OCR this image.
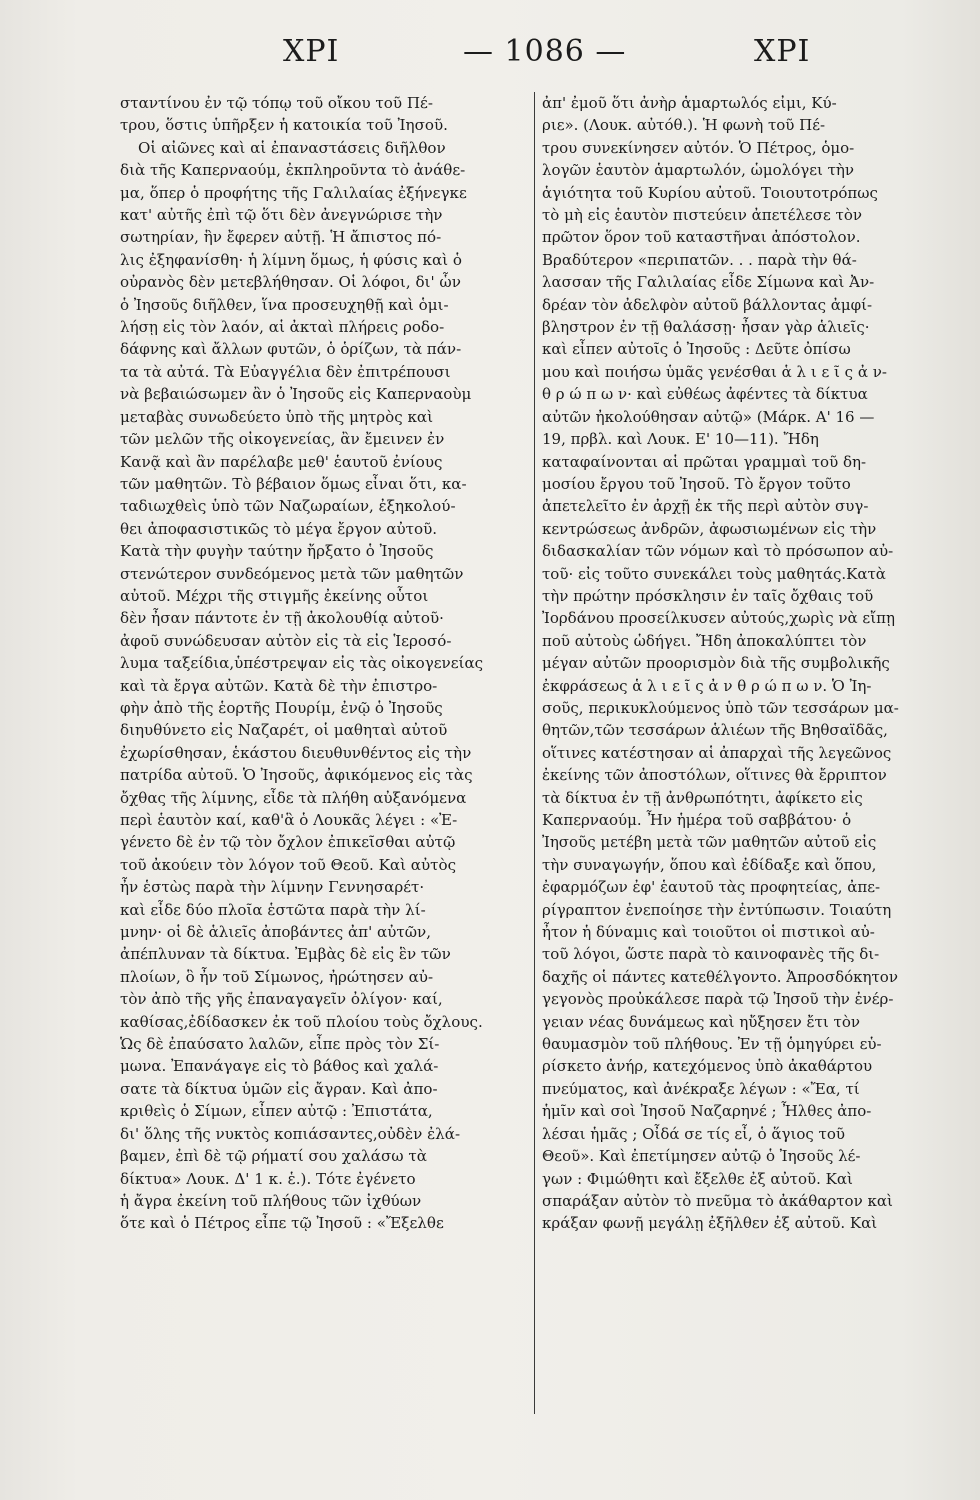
ΧΡΙ	— 1086 —	ΧΡΙ
σταντίνου ἐν τῷ τόπῳ τοῦ οἴκου τοῦ Πέ-
τρου, ὅστις ὑπῆρξεν ἡ κατοικία τοῦ Ἰησοῦ.
Οἱ αἰῶνες καὶ αἱ ἐπαναστάσεις διῆλθον
διὰ τῆς Καπερναούμ, ἐκπληροῦντα τὸ ἀνάθε-
μα, ὅπερ ὁ προφήτης τῆς Γαλιλαίας ἐξήνεγκε
κατ' αὐτῆς ἐπὶ τῷ ὅτι δὲν ἀνεγνώρισε τὴν
σωτηρίαν, ἣν ἔφερεν αὐτῇ. Ἡ ἄπιστος πό-
λις ἐξηφανίσθη· ἡ λίμνη ὅμως, ἡ φύσις καὶ ὁ
οὐρανὸς δὲν μετεβλήθησαν. Οἱ λόφοι, δι' ὧν
ὁ Ἰησοῦς διῆλθεν, ἵνα προσευχηθῇ καὶ ὁμι-
λήσῃ εἰς τὸν λαόν, αἱ ἀκταὶ πλήρεις ροδο-
δάφνης καὶ ἄλλων φυτῶν, ὁ ὁρίζων, τὰ πάν-
τα τὰ αὐτά. Τὰ Εὐαγγέλια δὲν ἐπιτρέπουσι
νὰ βεβαιώσωμεν ἂν ὁ Ἰησοῦς εἰς Καπερναοὺμ
μεταβὰς συνωδεύετο ὑπὸ τῆς μητρὸς καὶ
τῶν μελῶν τῆς οἰκογενείας, ἂν ἔμεινεν ἐν
Κανᾷ καὶ ἂν παρέλαβε μεθ' ἑαυτοῦ ἐνίους
τῶν μαθητῶν. Τὸ βέβαιον ὅμως εἶναι ὅτι, κα-
ταδιωχθεὶς ὑπὸ τῶν Ναζωραίων, ἐξηκολού-
θει ἀποφασιστικῶς τὸ μέγα ἔργον αὐτοῦ.
Κατὰ τὴν φυγὴν ταύτην ἤρξατο ὁ Ἰησοῦς
στενώτερον συνδεόμενος μετὰ τῶν μαθητῶν
αὐτοῦ. Μέχρι τῆς στιγμῆς ἐκείνης οὗτοι
δὲν ἦσαν πάντοτε ἐν τῇ ἀκολουθίᾳ αὐτοῦ·
ἀφοῦ συνώδευσαν αὐτὸν εἰς τὰ εἰς Ἱεροσό-
λυμα ταξείδια,ὑπέστρεψαν εἰς τὰς οἰκογενείας
καὶ τὰ ἔργα αὐτῶν. Κατὰ δὲ τὴν ἐπιστρο-
φὴν ἀπὸ τῆς ἑορτῆς Πουρίμ, ἐνῷ ὁ Ἰησοῦς
διηυθύνετο εἰς Ναζαρέτ, οἱ μαθηταὶ αὐτοῦ
ἐχωρίσθησαν, ἑκάστου διευθυνθέντος εἰς τὴν
πατρίδα αὐτοῦ. Ὁ Ἰησοῦς, ἀφικόμενος εἰς τὰς
ὄχθας τῆς λίμνης, εἶδε τὰ πλήθη αὐξανόμενα
περὶ ἑαυτὸν καί, καθ'ἃ ὁ Λουκᾶς λέγει : «Ἐ-
γένετο δὲ ἐν τῷ τὸν ὄχλον ἐπικεῖσθαι αὐτῷ
τοῦ ἀκούειν τὸν λόγον τοῦ Θεοῦ. Καὶ αὐτὸς
ἦν ἑστὼς παρὰ τὴν λίμνην Γεννησαρέτ·
καὶ εἶδε δύο πλοῖα ἑστῶτα παρὰ τὴν λί-
μνην· οἱ δὲ ἁλιεῖς ἀποβάντες ἀπ' αὐτῶν,
ἀπέπλυναν τὰ δίκτυα. Ἐμβὰς δὲ εἰς ἓν τῶν
πλοίων, ὃ ἦν τοῦ Σίμωνος, ἠρώτησεν αὐ-
τὸν ἀπὸ τῆς γῆς ἐπαναγαγεῖν ὀλίγον· καί,
καθίσας,ἐδίδασκεν ἐκ τοῦ πλοίου τοὺς ὄχλους.
Ὡς δὲ ἐπαύσατο λαλῶν, εἶπε πρὸς τὸν Σί-
μωνα. Ἐπανάγαγε εἰς τὸ βάθος καὶ χαλά-
σατε τὰ δίκτυα ὑμῶν εἰς ἄγραν. Καὶ ἀπο-
κριθεὶς ὁ Σίμων, εἶπεν αὐτῷ : Ἐπιστάτα,
δι' ὅλης τῆς νυκτὸς κοπιάσαντες,οὐδὲν ἐλά-
βαμεν, ἐπὶ δὲ τῷ ρήματί σου χαλάσω τὰ
δίκτυα» Λουκ. Δ' 1 κ. ἑ.). Τότε ἐγένετο
ἡ ἄγρα ἐκείνη τοῦ πλήθους τῶν ἰχθύων
ὅτε καὶ ὁ Πέτρος εἶπε τῷ Ἰησοῦ : «Ἔξελθε
ἀπ' ἐμοῦ ὅτι ἀνὴρ ἁμαρτωλός εἰμι, Κύ-
ριε». (Λουκ. αὐτόθ.). Ἡ φωνὴ τοῦ Πέ-
τρου συνεκίνησεν αὐτόν. Ὁ Πέτρος, ὁμο-
λογῶν ἑαυτὸν ἁμαρτωλόν, ὡμολόγει τὴν
ἁγιότητα τοῦ Κυρίου αὐτοῦ. Τοιουτοτρόπως
τὸ μὴ εἰς ἑαυτὸν πιστεύειν ἀπετέλεσε τὸν
πρῶτον ὅρον τοῦ καταστῆναι ἀπόστολον.
Βραδύτερον «περιπατῶν. . . παρὰ τὴν θά-
λασσαν τῆς Γαλιλαίας εἶδε Σίμωνα καὶ Ἀν-
δρέαν τὸν ἀδελφὸν αὐτοῦ βάλλοντας ἀμφί-
βληστρον ἐν τῇ θαλάσσῃ· ἦσαν γὰρ ἁλιεῖς·
καὶ εἶπεν αὐτοῖς ὁ Ἰησοῦς : Δεῦτε ὀπίσω
μου καὶ ποιήσω ὑμᾶς γενέσθαι ἁ λ ι ε ῖ ς ἀ ν-
θ ρ ώ π ω ν· καὶ εὐθέως ἀφέντες τὰ δίκτυα
αὐτῶν ἠκολούθησαν αὐτῷ» (Μάρκ. Α' 16 —
19, πρβλ. καὶ Λουκ. Ε' 10—11). Ἤδη
καταφαίνονται αἱ πρῶται γραμμαὶ τοῦ δη-
μοσίου ἔργου τοῦ Ἰησοῦ. Τὸ ἔργον τοῦτο
ἀπετελεῖτο ἐν ἀρχῇ ἐκ τῆς περὶ αὐτὸν συγ-
κεντρώσεως ἀνδρῶν, ἀφωσιωμένων εἰς τὴν
διδασκαλίαν τῶν νόμων καὶ τὸ πρόσωπον αὐ-
τοῦ· εἰς τοῦτο συνεκάλει τοὺς μαθητάς.Κατὰ
τὴν πρώτην πρόσκλησιν ἐν ταῖς ὄχθαις τοῦ
Ἰορδάνου προσείλκυσεν αὐτούς,χωρὶς νὰ εἴπῃ
ποῦ αὐτοὺς ὡδήγει. Ἤδη ἀποκαλύπτει τὸν
μέγαν αὐτῶν προορισμὸν διὰ τῆς συμβολικῆς
ἐκφράσεως ἁ λ ι ε ῖ ς ἀ ν θ ρ ώ π ω ν. Ὁ Ἰη-
σοῦς, περικυκλούμενος ὑπὸ τῶν τεσσάρων μα-
θητῶν,τῶν τεσσάρων ἁλιέων τῆς Βηθσαϊδᾶς,
οἵτινες κατέστησαν αἱ ἀπαρχαὶ τῆς λεγεῶνος
ἐκείνης τῶν ἀποστόλων, οἵτινες θὰ ἔρριπτον
τὰ δίκτυα ἐν τῇ ἀνθρωπότητι, ἀφίκετο εἰς
Καπερναούμ. Ἦν ἡμέρα τοῦ σαββάτου· ὁ
Ἰησοῦς μετέβη μετὰ τῶν μαθητῶν αὐτοῦ εἰς
τὴν συναγωγήν, ὅπου καὶ ἐδίδαξε καὶ ὅπου,
ἐφαρμόζων ἐφ' ἑαυτοῦ τὰς προφητείας, ἀπε-
ρίγραπτον ἐνεποίησε τὴν ἐντύπωσιν. Τοιαύτη
ἦτον ἡ δύναμις καὶ τοιοῦτοι οἱ πιστικοὶ αὐ-
τοῦ λόγοι, ὥστε παρὰ τὸ καινοφανὲς τῆς δι-
δαχῆς οἱ πάντες κατεθέλγοντο. Ἀπροσδόκητον
γεγονὸς προὐκάλεσε παρὰ τῷ Ἰησοῦ τὴν ἐνέρ-
γειαν νέας δυνάμεως καὶ ηὔξησεν ἔτι τὸν
θαυμασμὸν τοῦ πλήθους. Ἐν τῇ ὁμηγύρει εὑ-
ρίσκετο ἀνήρ, κατεχόμενος ὑπὸ ἀκαθάρτου
πνεύματος, καὶ ἀνέκραξε λέγων : «Ἔα, τί
ἡμῖν καὶ σοὶ Ἰησοῦ Ναζαρηνέ ; Ἦλθες ἀπο-
λέσαι ἡμᾶς ; Οἶδά σε τίς εἶ, ὁ ἅγιος τοῦ
Θεοῦ». Καὶ ἐπετίμησεν αὐτῷ ὁ Ἰησοῦς λέ-
γων : Φιμώθητι καὶ ἔξελθε ἐξ αὐτοῦ. Καὶ
σπαράξαν αὐτὸν τὸ πνεῦμα τὸ ἀκάθαρτον καὶ
κράξαν φωνῇ μεγάλῃ ἐξῆλθεν ἐξ αὐτοῦ. Καὶ
